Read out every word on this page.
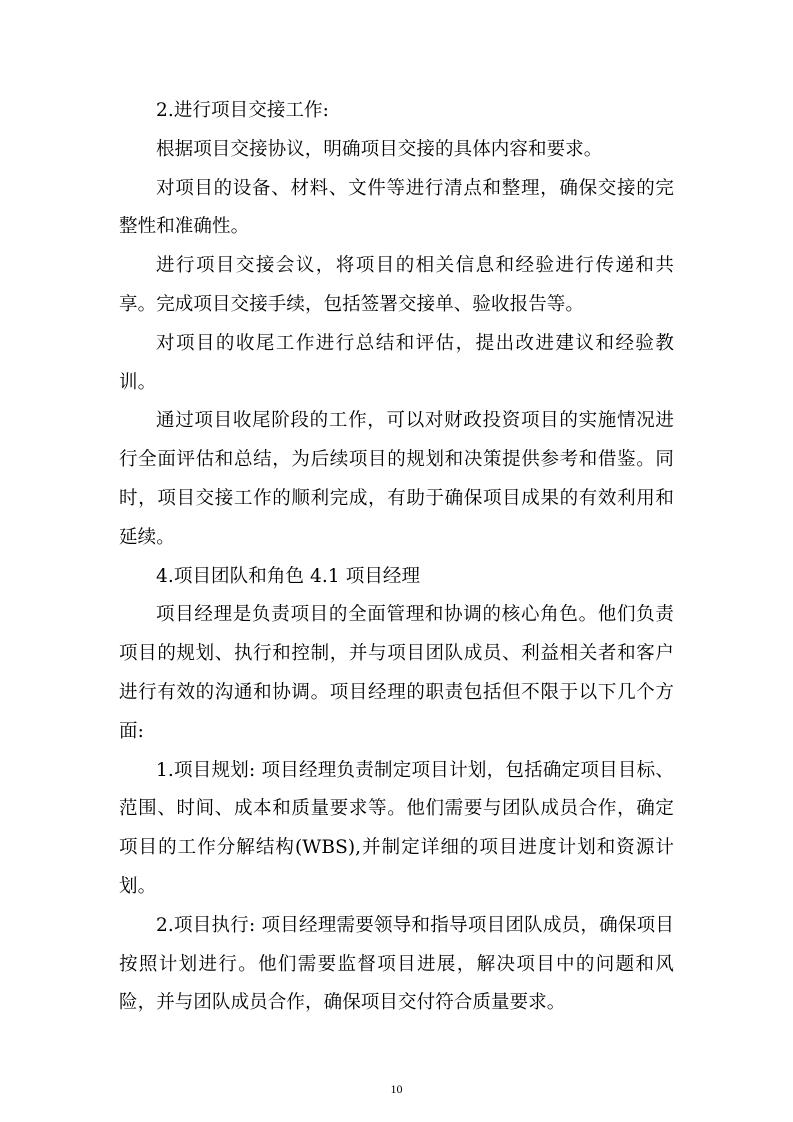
2.进行项目交接工作:

根据项目交接协议，明确项目交接的具体内容和要求。

对项目的设备、材料、文件等进行清点和整理，确保交接的完整性和准确性。

进行项目交接会议，将项目的相关信息和经验进行传递和共享。完成项目交接手续，包括签署交接单、验收报告等。

对项目的收尾工作进行总结和评估，提出改进建议和经验教训。

通过项目收尾阶段的工作，可以对财政投资项目的实施情况进行全面评估和总结，为后续项目的规划和决策提供参考和借鉴。同时，项目交接工作的顺利完成，有助于确保项目成果的有效利用和延续。

4.项目团队和角色 4.1 项目经理

项目经理是负责项目的全面管理和协调的核心角色。他们负责项目的规划、执行和控制，并与项目团队成员、利益相关者和客户进行有效的沟通和协调。项目经理的职责包括但不限于以下几个方面:

1.项目规划: 项目经理负责制定项目计划，包括确定项目目标、范围、时间、成本和质量要求等。他们需要与团队成员合作，确定项目的工作分解结构(WBS),并制定详细的项目进度计划和资源计划。

2.项目执行: 项目经理需要领导和指导项目团队成员，确保项目按照计划进行。他们需要监督项目进展，解决项目中的问题和风险，并与团队成员合作，确保项目交付符合质量要求。

10
